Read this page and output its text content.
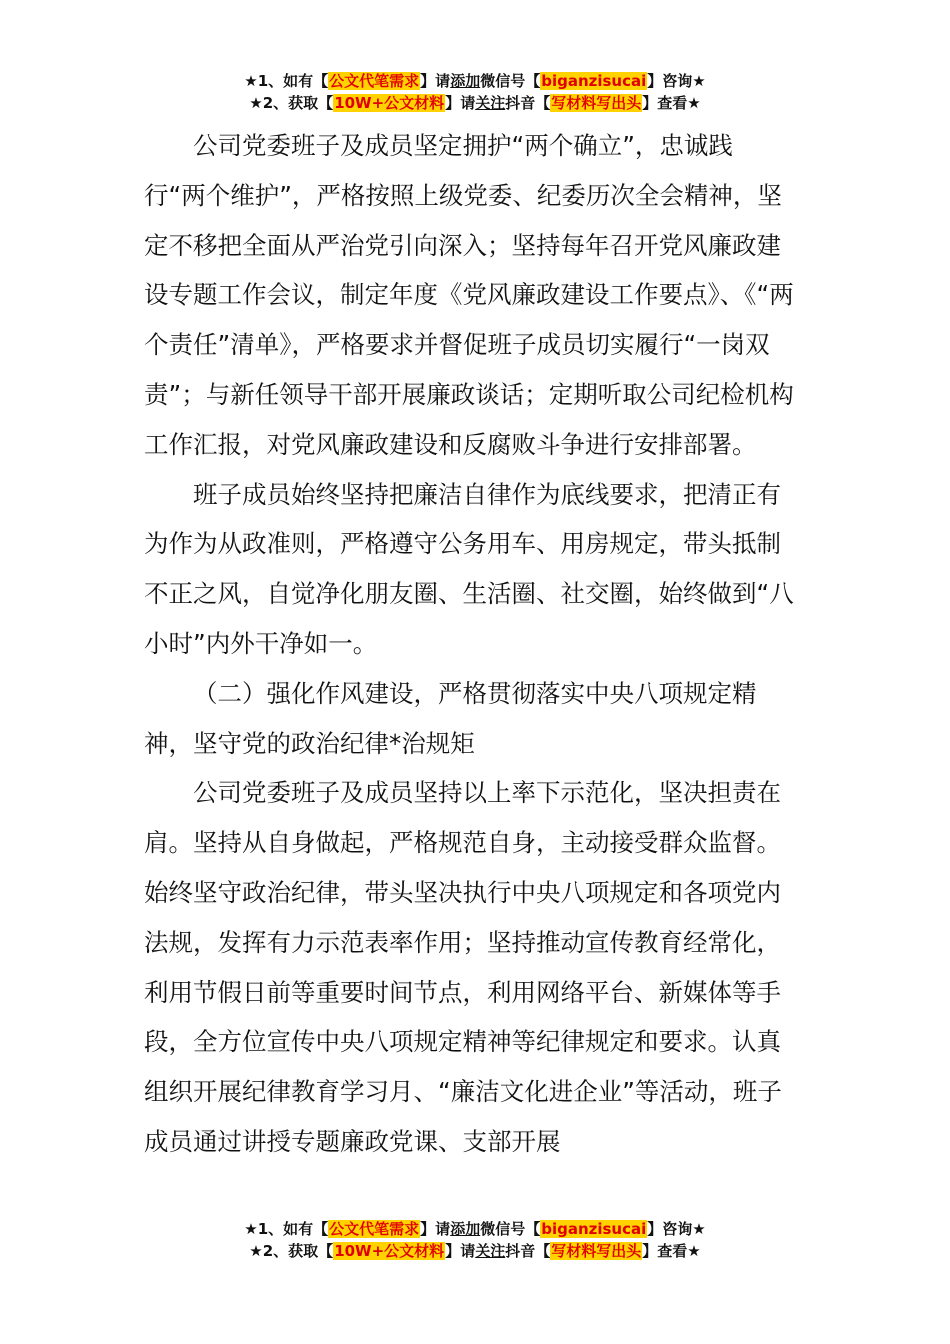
★1、如有【公文代笔需求】请添加微信号【biganzisucai】咨询★
★2、获取【10W+公文材料】请关注抖音【写材料写出头】查看★

公司党委班子及成员坚定拥护“两个确立”，忠诚践行“两个维护”，严格按照上级党委、纪委历次全会精神，坚定不移把全面从严治党引向深入；坚持每年召开党风廉政建设专题工作会议，制定年度《党风廉政建设工作要点》、《“两个责任”清单》，严格要求并督促班子成员切实履行“一岗双责”；与新任领导干部开展廉政谈话；定期听取公司纪检机构工作汇报，对党风廉政建设和反腐败斗争进行安排部署。

班子成员始终坚持把廉洁自律作为底线要求，把清正有为作为从政准则，严格遵守公务用车、用房规定，带头抵制不正之风，自觉净化朋友圈、生活圈、社交圈，始终做到“八小时”内外干净如一。

（二）强化作风建设，严格贯彻落实中央八项规定精神，坚守党的政治纪律*治规矩

公司党委班子及成员坚持以上率下示范化，坚决担责在肩。坚持从自身做起，严格规范自身，主动接受群众监督。始终坚守政治纪律，带头坚决执行中央八项规定和各项党内法规，发挥有力示范表率作用；坚持推动宣传教育经常化，利用节假日前等重要时间节点，利用网络平台、新媒体等手段，全方位宣传中央八项规定精神等纪律规定和要求。认真组织开展纪律教育学习月、“廉洁文化进企业”等活动，班子成员通过讲授专题廉政党课、支部开展

★1、如有【公文代笔需求】请添加微信号【biganzisucai】咨询★
★2、获取【10W+公文材料】请关注抖音【写材料写出头】查看★
